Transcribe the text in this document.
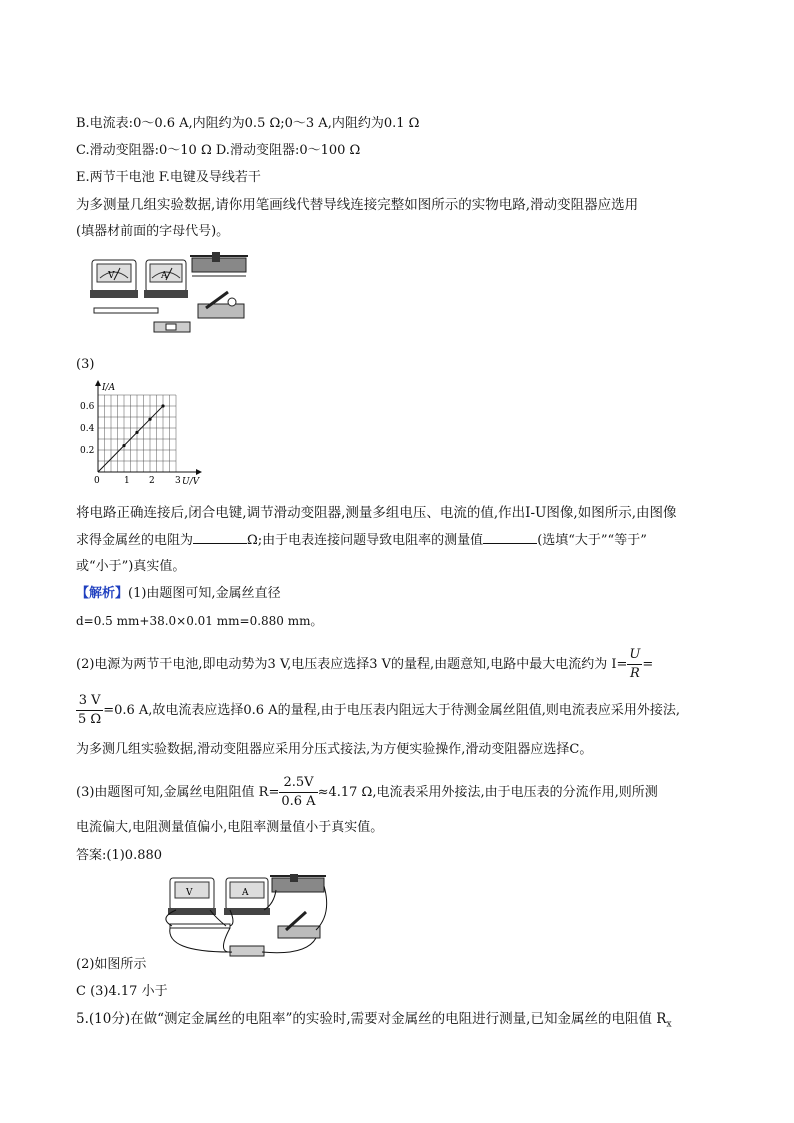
B.电流表:0～0.6 A,内阻约为0.5 Ω;0～3 A,内阻约为0.1 Ω
C.滑动变阻器:0～10 Ω D.滑动变阻器:0～100 Ω
E.两节干电池 F.电键及导线若干
为多测量几组实验数据,请你用笔画线代替导线连接完整如图所示的实物电路,滑动变阻器应选用
(填器材前面的字母代号)。
V	A
(3)
I/A
U/V
0.6
0.4
0.2
0	1 2 3
将电路正确连接后,闭合电键,调节滑动变阻器,测量多组电压、电流的值,作出I-U图像,如图所示,由图像
求得金属丝的电阻为	Ω;由于电表连接问题导致电阻率的测量值	(选填“大于”“等于”
或“小于”)真实值。
【解析】(1)由题图可知,金属丝直径
d=0.5 mm+38.0×0.01 mm=0.880 mm。
(2)电源为两节干电池,即电动势为3 V,电压表应选择3 V的量程,由题意知,电路中最大电流约为 $I= \frac{U}{R}$ =
$\frac{3 V}{5 \Omega} =0.6$ A,故电流表应选择0.6 A的量程,由于电压表内阻远大于待测金属丝阻值,则电流表应采用外接法,
为多测几组实验数据,滑动变阻器应采用分压式接法,为方便实验操作,滑动变阻器应选择C。
(3)由题图可知,金属丝电阻阻值 $R= \frac{2.5V}{0.6 A} \approx 4.17$ Ω,电流表采用外接法,由于电压表的分流作用,则所测
电流偏大,电阻测量值偏小,电阻率测量值小于真实值。
答案:(1)0.880
V	A
(2)如图所示
C (3)4.17 小于
5.(10分)在做“测定金属丝的电阻率”的实验时,需要对金属丝的电阻进行测量,已知金属丝的电阻值 $R_x$
